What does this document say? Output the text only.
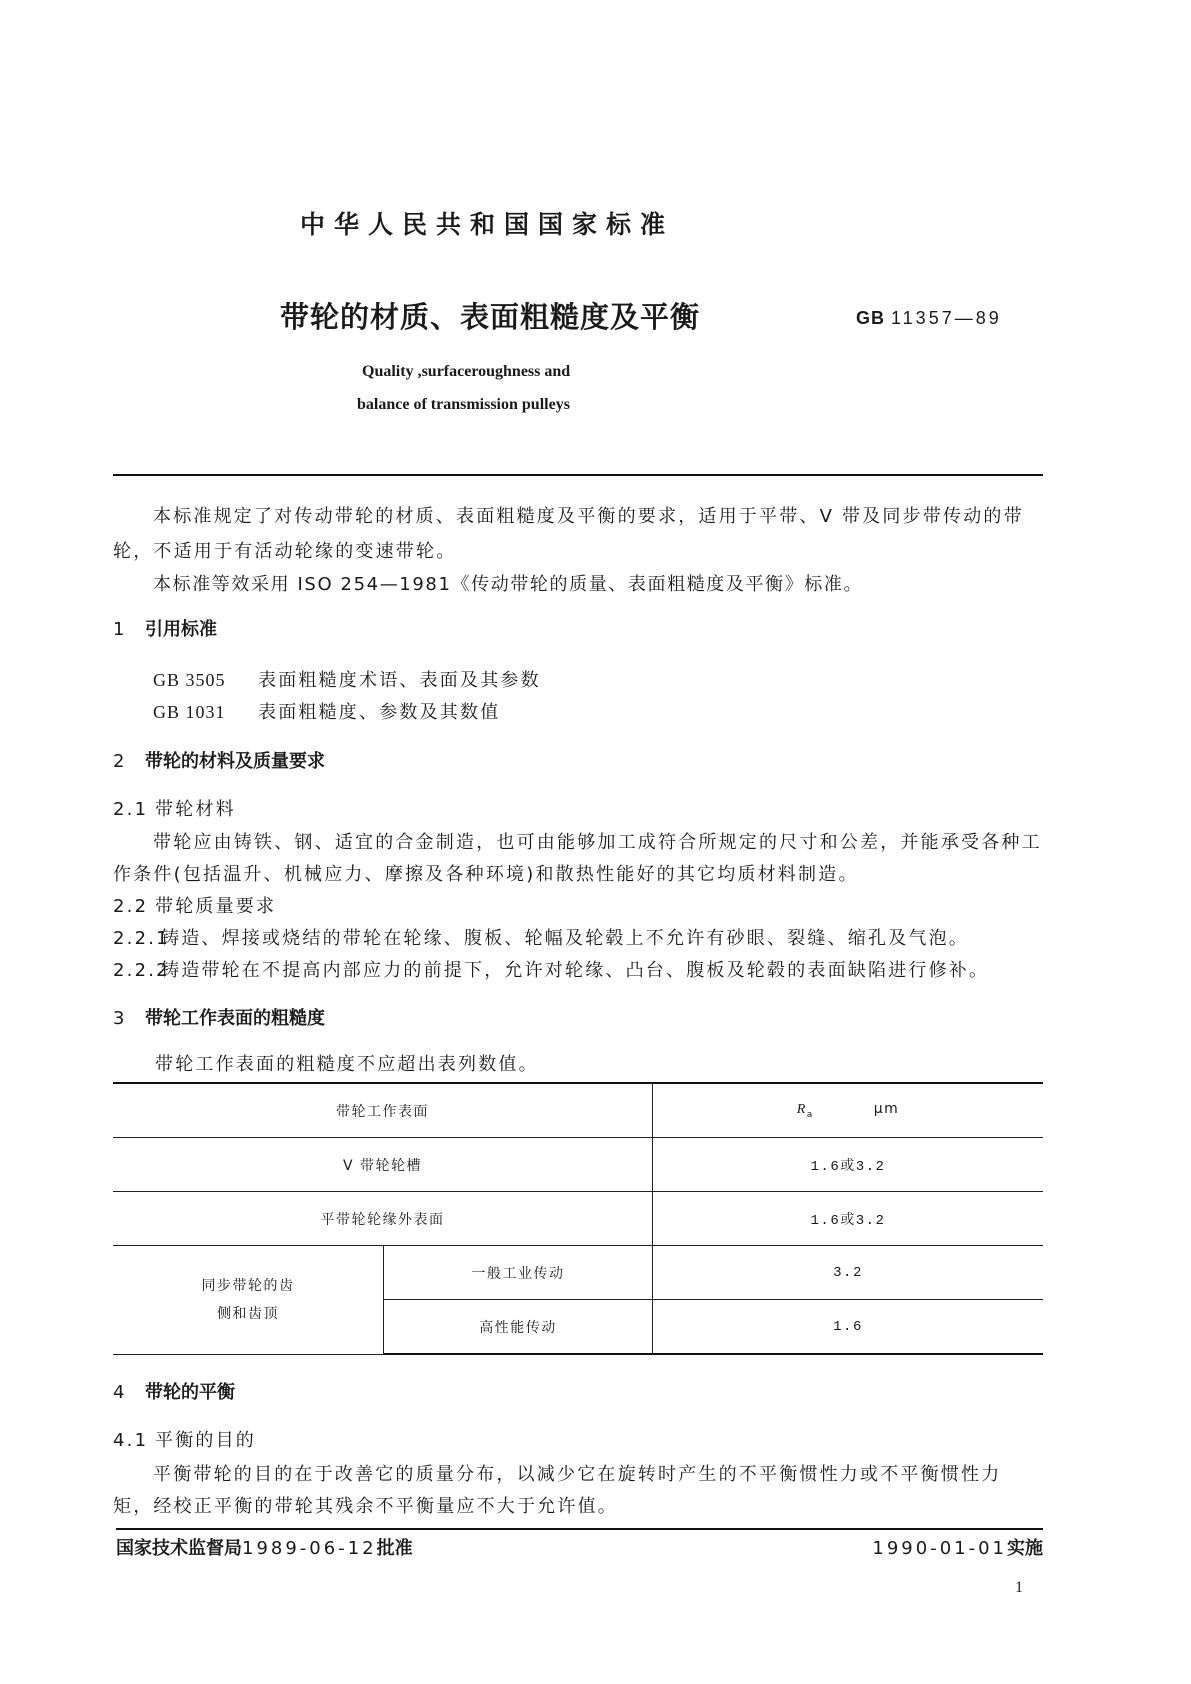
中华人民共和国国家标准
带轮的材质、表面粗糙度及平衡	GB 11357—89
Quality ,surfaceroughness and
balance of transmission pulleys
本标准规定了对传动带轮的材质、表面粗糙度及平衡的要求，适用于平带、V 带及同步带传动的带
轮，不适用于有活动轮缘的变速带轮。
本标准等效采用 ISO 254—1981《传动带轮的质量、表面粗糙度及平衡》标准。
1 引用标准
GB 3505 表面粗糙度术语、表面及其参数
GB 1031 表面粗糙度、参数及其数值
2 带轮的材料及质量要求
2.1 带轮材料
带轮应由铸铁、钢、适宜的合金制造，也可由能够加工成符合所规定的尺寸和公差，并能承受各种工
作条件(包括温升、机械应力、摩擦及各种环境)和散热性能好的其它均质材料制造。
2.2 带轮质量要求
2.2.1铸造、焊接或烧结的带轮在轮缘、腹板、轮幅及轮毂上不允许有砂眼、裂缝、缩孔及气泡。
2.2.2铸造带轮在不提高内部应力的前提下，允许对轮缘、凸台、腹板及轮毂的表面缺陷进行修补。
3 带轮工作表面的粗糙度
带轮工作表面的粗糙度不应超出表列数值。
带轮工作表面		$R_a$ μm
V 带轮轮槽		1.6或3.2
平带轮轮缘外表面		1.6或3.2
同步带轮的齿
侧和齿顶	一般工业传动	3.2
	高性能传动	1.6
4 带轮的平衡
4.1 平衡的目的
平衡带轮的目的在于改善它的质量分布，以减少它在旋转时产生的不平衡惯性力或不平衡惯性力
矩，经校正平衡的带轮其残余不平衡量应不大于允许值。
国家技术监督局1989-06-12批准	1990-01-01实施
1
